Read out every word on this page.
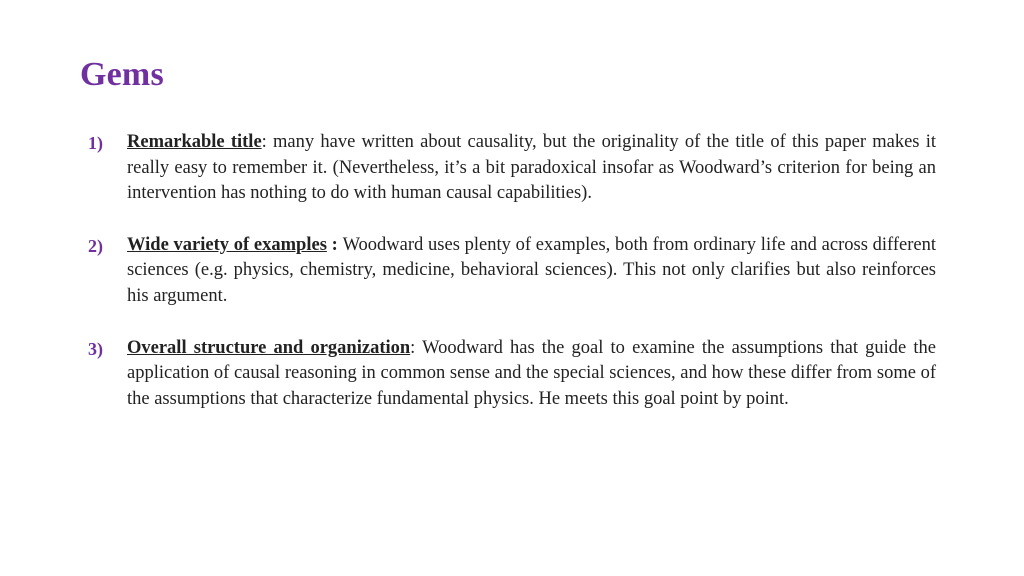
Gems
1)	Remarkable title: many have written about causality, but the originality of the title of this paper makes it really easy to remember it. (Nevertheless, it’s a bit paradoxical insofar as Woodward’s criterion for being an intervention has nothing to do with human causal capabilities).
2)	Wide variety of examples : Woodward uses plenty of examples, both from ordinary life and across different sciences (e.g. physics, chemistry, medicine, behavioral sciences). This not only clarifies but also reinforces his argument.
3)	Overall structure and organization: Woodward has the goal to examine the assumptions that guide the application of causal reasoning in common sense and the special sciences, and how these differ from some of the assumptions that characterize fundamental physics. He meets this goal point by point.
